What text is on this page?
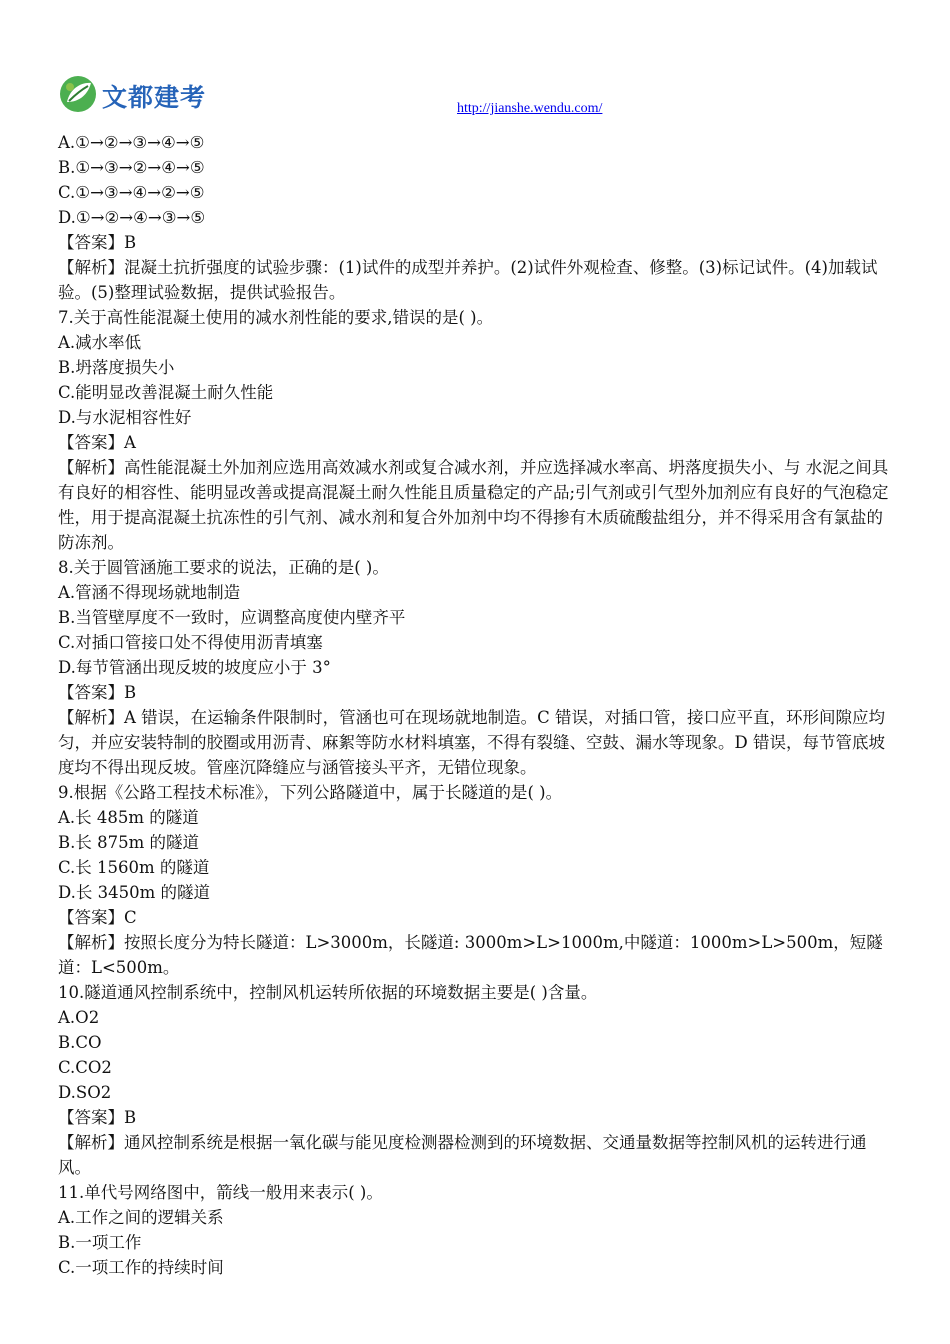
文都建考	http://jianshe.wendu.com/
A.①→②→③→④→⑤
B.①→③→②→④→⑤
C.①→③→④→②→⑤
D.①→②→④→③→⑤
【答案】B
【解析】混凝土抗折强度的试验步骤：(1)试件的成型并养护。(2)试件外观检查、修整。(3)标记试件。(4)加载试验。(5)整理试验数据，提供试验报告。
7.关于高性能混凝土使用的减水剂性能的要求,错误的是( )。
A.减水率低
B.坍落度损失小
C.能明显改善混凝土耐久性能
D.与水泥相容性好
【答案】A
【解析】高性能混凝土外加剂应选用高效减水剂或复合减水剂，并应选择减水率高、坍落度损失小、与 水泥之间具有良好的相容性、能明显改善或提高混凝土耐久性能且质量稳定的产品;引气剂或引气型外加剂应有良好的气泡稳定性，用于提高混凝土抗冻性的引气剂、减水剂和复合外加剂中均不得掺有木质硫酸盐组分，并不得采用含有氯盐的防冻剂。
8.关于圆管涵施工要求的说法，正确的是( )。
A.管涵不得现场就地制造
B.当管壁厚度不一致时，应调整高度使内壁齐平
C.对插口管接口处不得使用沥青填塞
D.每节管涵出现反坡的坡度应小于 3°
【答案】B
【解析】A 错误，在运输条件限制时，管涵也可在现场就地制造。C 错误，对插口管，接口应平直，环形间隙应均匀，并应安装特制的胶圈或用沥青、麻絮等防水材料填塞，不得有裂缝、空鼓、漏水等现象。D 错误，每节管底坡度均不得出现反坡。管座沉降缝应与涵管接头平齐，无错位现象。
9.根据《公路工程技术标准》，下列公路隧道中，属于长隧道的是( )。
A.长 485m 的隧道
B.长 875m 的隧道
C.长 1560m 的隧道
D.长 3450m 的隧道
【答案】C
【解析】按照长度分为特长隧道：L>3000m，长隧道: 3000m>L>1000m,中隧道：1000m>L>500m，短隧道：L<500m。
10.隧道通风控制系统中，控制风机运转所依据的环境数据主要是( )含量。
A.O2
B.CO
C.CO2
D.SO2
【答案】B
【解析】通风控制系统是根据一氧化碳与能见度检测器检测到的环境数据、交通量数据等控制风机的运转进行通风。
11.单代号网络图中，箭线一般用来表示( )。
A.工作之间的逻辑关系
B.一项工作
C.一项工作的持续时间
